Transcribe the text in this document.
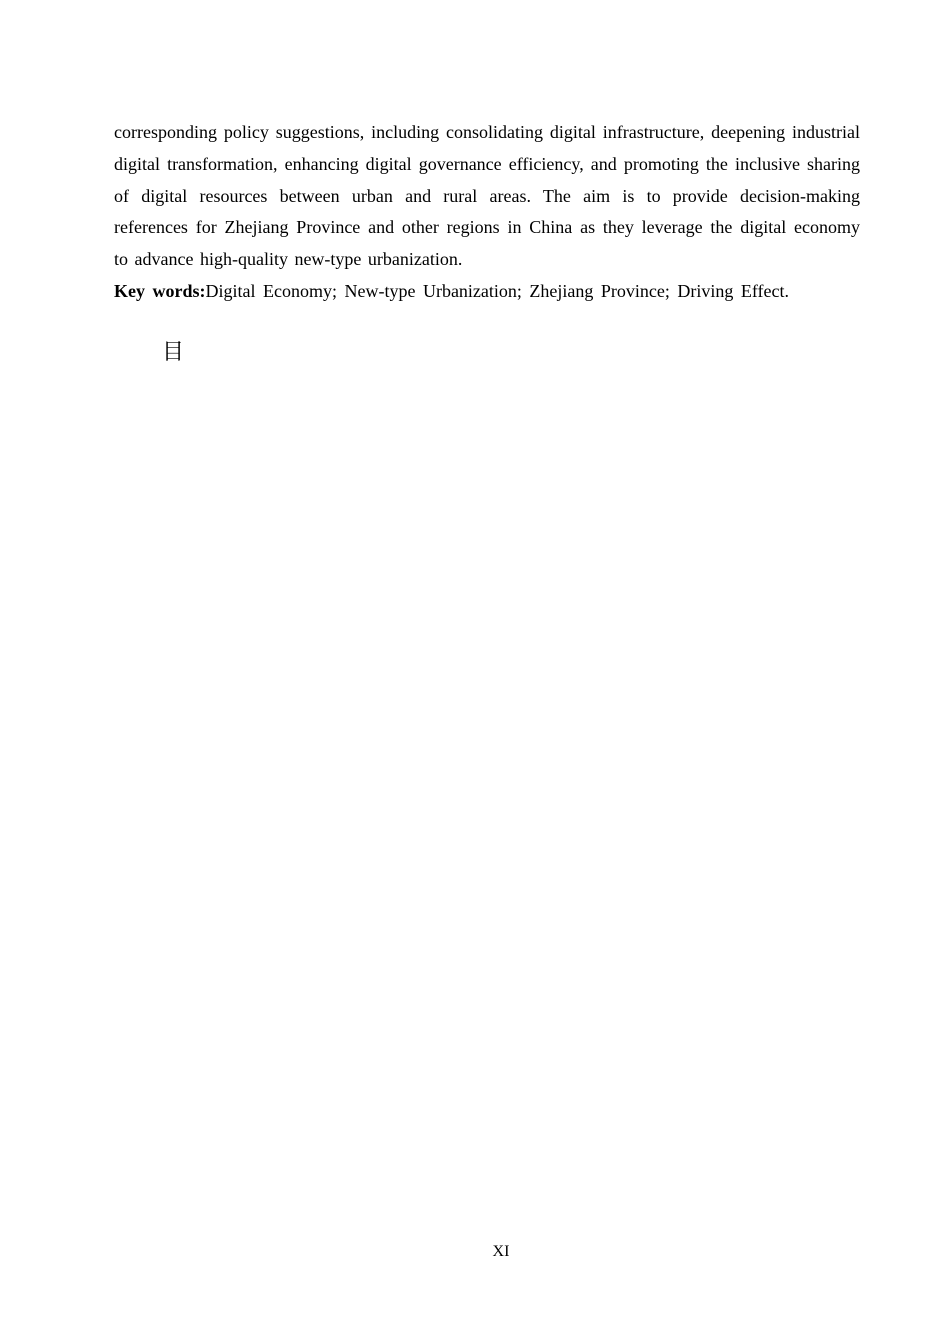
corresponding policy suggestions, including consolidating digital infrastructure, deepening industrial digital transformation, enhancing digital governance efficiency, and promoting the inclusive sharing of digital resources between urban and rural areas. The aim is to provide decision-making references for Zhejiang Province and other regions in China as they leverage the digital economy to advance high-quality new-type urbanization.

Key words:Digital Economy; New-type Urbanization; Zhejiang Province; Driving Effect.

目
XI
